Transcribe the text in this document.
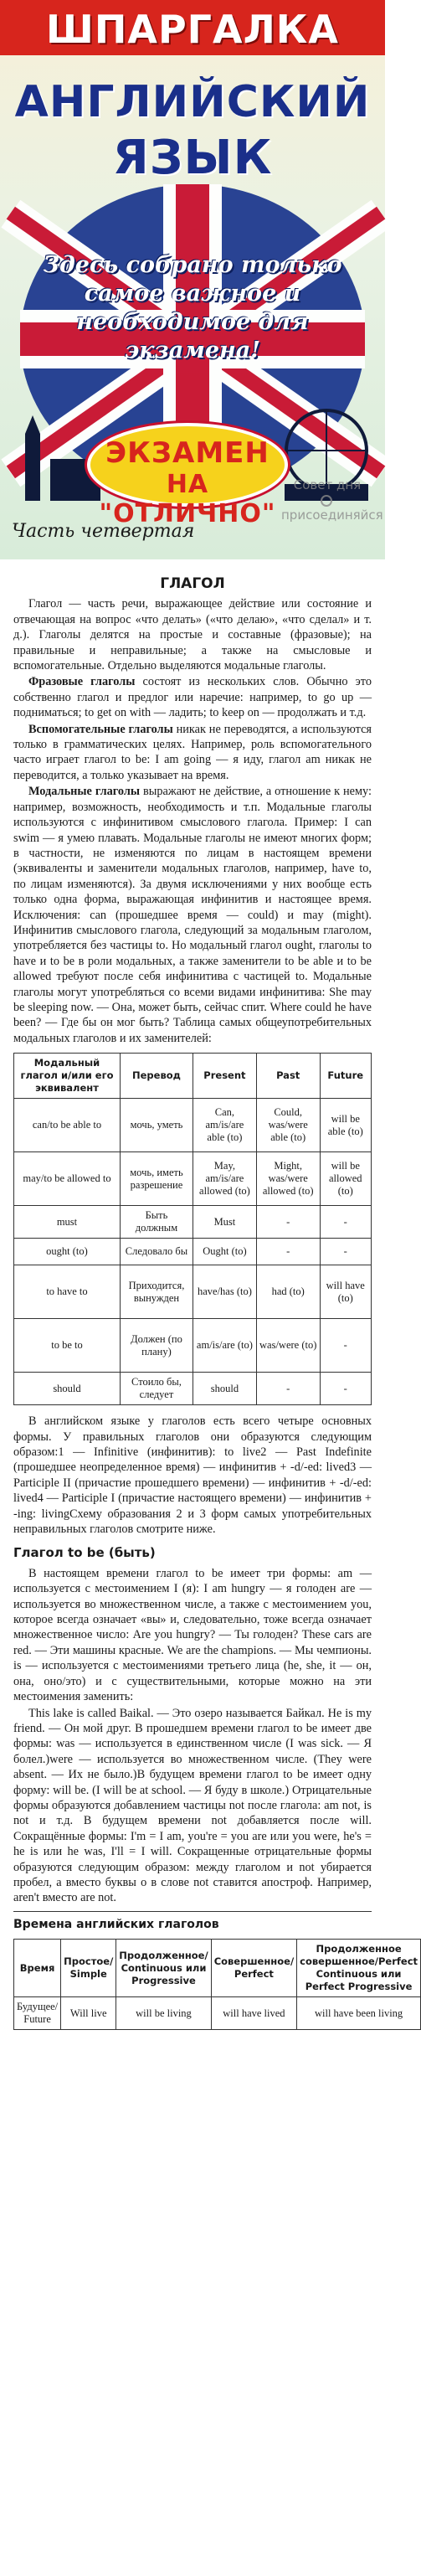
ШПАРГАЛКА
АНГЛИЙСКИЙ
ЯЗЫК
Здесь собрано только самое важное и необходимое для экзамена!
ЭКЗАМЕН
НА "ОТЛИЧНО"
Совет дня
присоединяйся
Часть четвертая
ГЛАГОЛ

Глагол — часть речи, выражающее действие или состояние и отвечающая на вопрос «что делать» («что делаю», «что сделал» и т. д.). Глаголы делятся на простые и составные (фразовые); на правильные и неправильные; а также на смысловые и вспомогательные. Отдельно выделяются модальные глаголы.

Фразовые глаголы состоят из нескольких слов. Обычно это собственно глагол и предлог или наречие: например, to go up — подниматься; to get on with — ладить; to keep on — продолжать и т.д.

Вспомогательные глаголы никак не переводятся, а используются только в грамматических целях. Например, роль вспомогательного часто играет глагол to be: I am going — я иду, глагол am никак не переводится, а только указывает на время.

Модальные глаголы выражают не действие, а отношение к нему: например, возможность, необходимость и т.п. Модальные глаголы используются с инфинитивом смыслового глагола. Пример: I can swim — я умею плавать. Модальные глаголы не имеют многих форм; в частности, не изменяются по лицам в настоящем времени (эквиваленты и заменители модальных глаголов, например, have to, по лицам изменяются). За двумя исключениями у них вообще есть только одна форма, выражающая инфинитив и настоящее время. Исключения: can (прошедшее время — could) и may (might). Инфинитив смыслового глагола, следующий за модальным глаголом, употребляется без частицы to. Но модальный глагол ought, глаголы to have и to be в роли модальных, а также заменители to be able и to be allowed требуют после себя инфинитива с частицей to. Модальные глаголы могут употребляться со всеми видами инфинитива: She may be sleeping now. — Она, может быть, сейчас спит. Where could he have been? — Где бы он мог быть? Таблица самых общеупотребительных модальных глаголов и их заменителей:

Модальный глагол и/или его эквивалент	Перевод	Present	Past	Future
can/to be able to	мочь, уметь	Can, am/is/are able (to)	Could, was/were able (to)	will be able (to)
may/to be allowed to	мочь, иметь разрешение	May, am/is/are allowed (to)	Might, was/were allowed (to)	will be allowed (to)
must	Быть должным	Must	-	-
ought (to)	Следовало бы	Ought (to)	-	-
to have to	Приходится, вынужден	have/has (to)	had (to)	will have (to)
to be to	Должен (по плану)	am/is/are (to)	was/were (to)	-
should	Стоило бы, следует	should	-	-

В английском языке у глаголов есть всего четыре основных формы. У правильных глаголов они образуются следующим образом:1 — Infinitive (инфинитив): to live2 — Past Indefinite (прошедшее неопределенное время) — инфинитив + -d/-ed: lived3 — Participle II (причастие прошедшего времени) — инфинитив + -d/-ed: lived4 — Participle I (причастие настоящего времени) — инфинитив + -ing: livingСхему образования 2 и 3 форм самых употребительных неправильных глаголов смотрите ниже.

Глагол to be (быть)

В настоящем времени глагол to be имеет три формы: am — используется с местоимением I (я): I am hungry — я голоден are — используется во множественном числе, а также с местоимением you, которое всегда означает «вы» и, следовательно, тоже всегда означает множественное число: Are you hungry? — Ты голоден? These cars are red. — Эти машины красные. We are the champions. — Мы чемпионы. is — используется с местоимениями третьего лица (he, she, it — он, она, оно/это) и с существительными, которые можно на эти местоимения заменить:

This lake is called Baikal. — Это озеро называется Байкал. He is my friend. — Он мой друг. В прошедшем времени глагол to be имеет две формы: was — используется в единственном числе (I was sick. — Я болел.)were — используется во множественном числе. (They were absent. — Их не было.)В будущем времени глагол to be имеет одну форму: will be. (I will be at school. — Я буду в школе.) Отрицательные формы образуются добавлением частицы not после глагола: am not, is not и т.д. В будущем времени not добавляется после will. Сокращённые формы: I'm = I am, you're = you are или you were, he's = he is или he was, I'll = I will. Сокращенные отрицательные формы образуются следующим образом: между глаголом и not убирается пробел, а вместо буквы o в слове not ставится апостроф. Например, aren't вместо are not.

Времена английских глаголов
Время	Простое/ Simple	Продолженное/ Continuous или Progressive	Совершенное/ Perfect	Продолженное совершенное/Perfect Continuous или Perfect Progressive
Будущее/ Future	Will live	will be living	will have lived	will have been living
